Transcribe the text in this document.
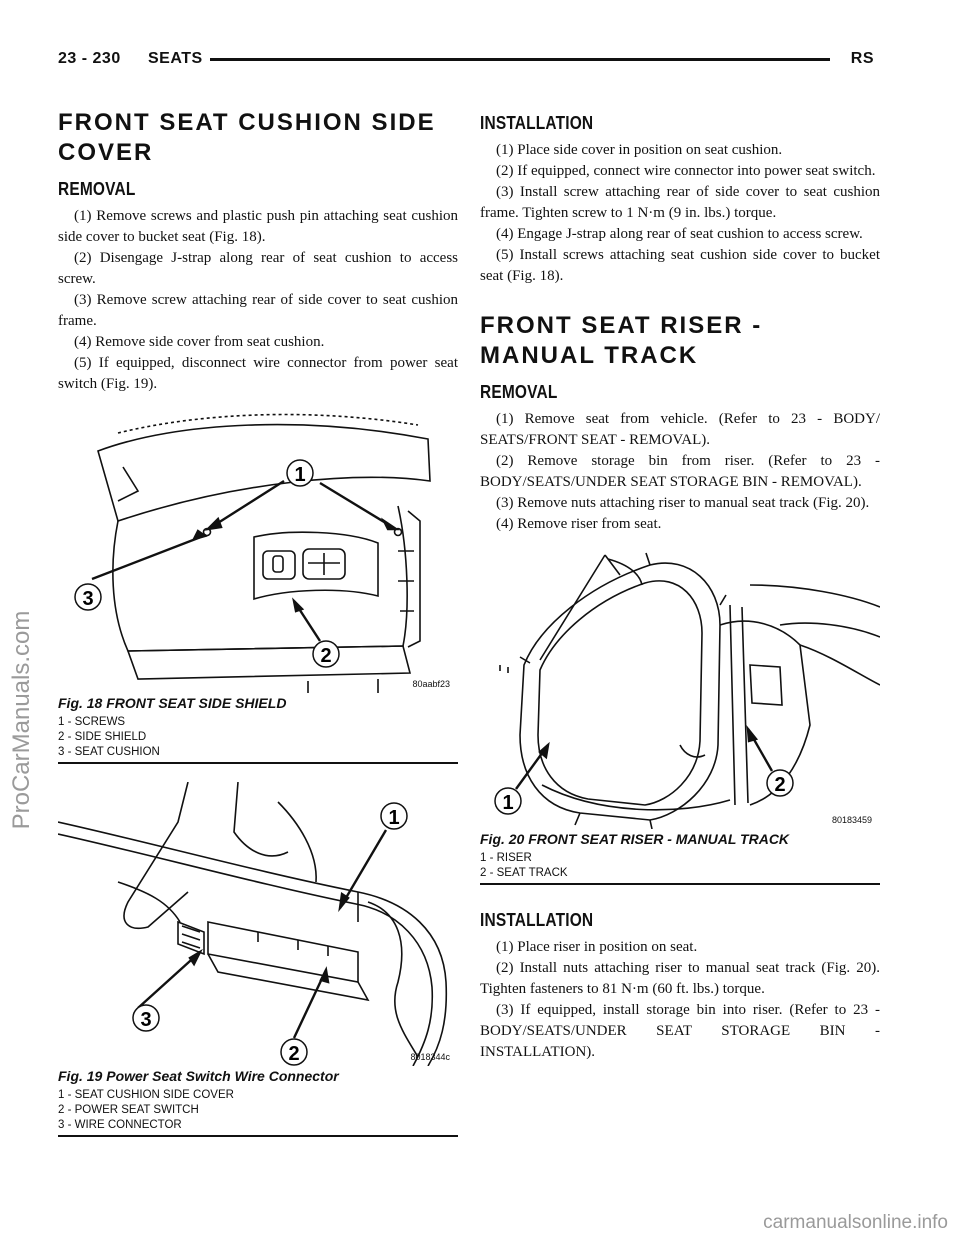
23 - 230 SEATS	RS
ProCarManuals.com
FRONT SEAT CUSHION SIDE COVER
REMOVAL

(1) Remove screws and plastic push pin attaching seat cushion side cover to bucket seat (Fig. 18).

(2) Disengage J-strap along rear of seat cushion to access screw.

(3) Remove screw attaching rear of side cover to seat cushion frame.

(4) Remove side cover from seat cushion.

(5) If equipped, disconnect wire connector from power seat switch (Fig. 19).

1
2
3
80aabf23
Fig. 18 FRONT SEAT SIDE SHIELD
1 - SCREWS
2 - SIDE SHIELD
3 - SEAT CUSHION
1
2
3
8018344c
Fig. 19 Power Seat Switch Wire Connector
1 - SEAT CUSHION SIDE COVER
2 - POWER SEAT SWITCH
3 - WIRE CONNECTOR
INSTALLATION

(1) Place side cover in position on seat cushion.

(2) If equipped, connect wire connector into power seat switch.

(3) Install screw attaching rear of side cover to seat cushion frame. Tighten screw to 1 N·m (9 in. lbs.) torque.

(4) Engage J-strap along rear of seat cushion to access screw.

(5) Install screws attaching seat cushion side cover to bucket seat (Fig. 18).

FRONT SEAT RISER - MANUAL TRACK
REMOVAL

(1) Remove seat from vehicle. (Refer to 23 - BODY/ SEATS/FRONT SEAT - REMOVAL).

(2) Remove storage bin from riser. (Refer to 23 - BODY/SEATS/UNDER SEAT STORAGE BIN - REMOVAL).

(3) Remove nuts attaching riser to manual seat track (Fig. 20).

(4) Remove riser from seat.

1
2
80183459
Fig. 20 FRONT SEAT RISER - MANUAL TRACK
1 - RISER
2 - SEAT TRACK
INSTALLATION

(1) Place riser in position on seat.

(2) Install nuts attaching riser to manual seat track (Fig. 20). Tighten fasteners to 81 N·m (60 ft. lbs.) torque.

(3) If equipped, install storage bin into riser. (Refer to 23 - BODY/SEATS/UNDER SEAT STORAGE BIN - INSTALLATION).

carmanualsonline.info
